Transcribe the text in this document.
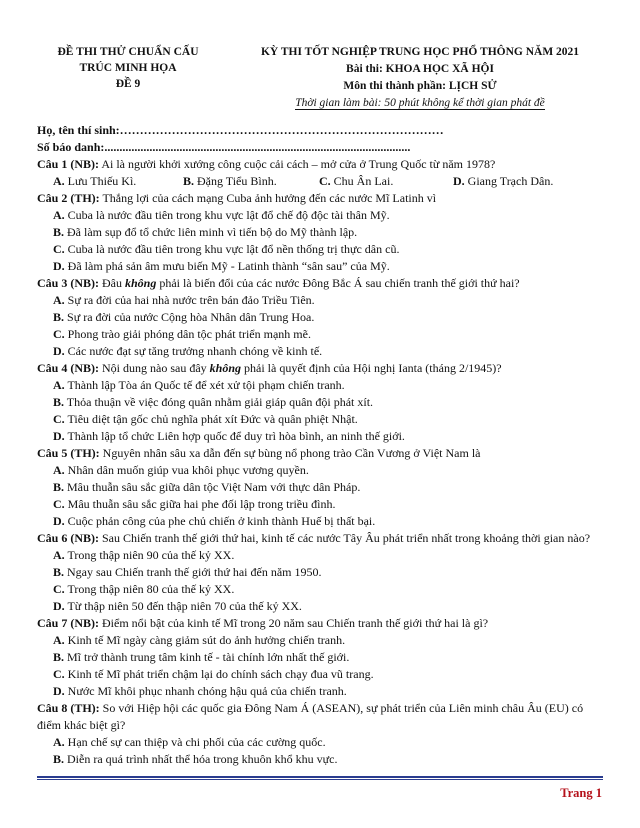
ĐỀ THI THỬ CHUẨN CẤU
TRÚC MINH HỌA
ĐỀ 9
KỲ THI TỐT NGHIỆP TRUNG HỌC PHỔ THÔNG NĂM 2021
Bài thi: KHOA HỌC XÃ HỘI
Môn thi thành phần: LỊCH SỬ
Thời gian làm bài: 50 phút không kể thời gian phát đề
Họ, tên thí sinh:………………………………………………………………………
Số báo danh:......................................................................................................
Câu 1 (NB): Ai là người khởi xướng công cuộc cải cách – mở cửa ở Trung Quốc từ năm 1978?
A. Lưu Thiếu Kì.	B. Đặng Tiểu Bình.	C. Chu Ân Lai.	D. Giang Trạch Dân.
Câu 2 (TH): Thắng lợi của cách mạng Cuba ảnh hưởng đến các nước Mĩ Latinh vì
A. Cuba là nước đầu tiên trong khu vực lật đổ chế độ độc tài thân Mỹ.
B. Đã làm sụp đổ tổ chức liên minh vì tiến bộ do Mỹ thành lập.
C. Cuba là nước đầu tiên trong khu vực lật đổ nền thống trị thực dân cũ.
D. Đã làm phá sản âm mưu biến Mỹ - Latinh thành “sân sau” của Mỹ.
Câu 3 (NB): Đâu không phải là biến đổi của các nước Đông Bắc Á sau chiến tranh thế giới thứ hai?
A. Sự ra đời của hai nhà nước trên bán đảo Triều Tiên.
B. Sự ra đời của nước Cộng hòa Nhân dân Trung Hoa.
C. Phong trào giải phóng dân tộc phát triển mạnh mẽ.
D. Các nước đạt sự tăng trưởng nhanh chóng về kinh tế.
Câu 4 (NB): Nội dung nào sau đây không phải là quyết định của Hội nghị Ianta (tháng 2/1945)?
A. Thành lập Tòa án Quốc tế để xét xử tội phạm chiến tranh.
B. Thỏa thuận về việc đóng quân nhằm giải giáp quân đội phát xít.
C. Tiêu diệt tận gốc chủ nghĩa phát xít Đức và quân phiệt Nhật.
D. Thành lập tổ chức Liên hợp quốc để duy trì hòa bình, an ninh thế giới.
Câu 5 (TH): Nguyên nhân sâu xa dẫn đến sự bùng nổ phong trào Cần Vương ở Việt Nam là
A. Nhân dân muốn giúp vua khôi phục vương quyền.
B. Mâu thuẫn sâu sắc giữa dân tộc Việt Nam với thực dân Pháp.
C. Mâu thuẫn sâu sắc giữa hai phe đối lập trong triều đình.
D. Cuộc phản công của phe chủ chiến ở kinh thành Huế bị thất bại.
Câu 6 (NB): Sau Chiến tranh thế giới thứ hai, kinh tế các nước Tây Âu phát triển nhất trong khoảng thời gian nào?
A. Trong thập niên 90 của thế kỷ XX.
B. Ngay sau Chiến tranh thế giới thứ hai đến năm 1950.
C. Trong thập niên 80 của thế kỷ XX.
D. Từ thập niên 50 đến thập niên 70 của thế kỷ XX.
Câu 7 (NB): Điểm nổi bật của kinh tế Mĩ trong 20 năm sau Chiến tranh thế giới thứ hai là gì?
A. Kinh tế Mĩ ngày càng giảm sút do ảnh hưởng chiến tranh.
B. Mĩ trở thành trung tâm kinh tế - tài chính lớn nhất thế giới.
C. Kinh tế Mĩ phát triển chậm lại do chính sách chạy đua vũ trang.
D. Nước Mĩ khôi phục nhanh chóng hậu quả của chiến tranh.
Câu 8 (TH): So với Hiệp hội các quốc gia Đông Nam Á (ASEAN), sự phát triển của Liên minh châu Âu (EU) có điểm khác biệt gì?
A. Hạn chế sự can thiệp và chi phối của các cường quốc.
B. Diễn ra quá trình nhất thể hóa trong khuôn khổ khu vực.
Trang 1
